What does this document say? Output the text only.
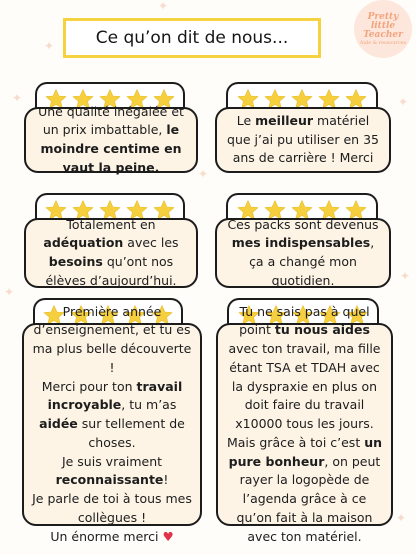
✦
✦
✦	✦
✦
✦
✦
✦
Ce qu’on dit de nous...
Pretty
little
Teacher
Aide & ressources

Une qualité inégalée et un prix imbattable, le moindre centime en vaut la peine.

Le meilleur matériel que j’ai pu utiliser en 35 ans de carrière ! Merci

Totalement en adéquation avec les besoins qu’ont nos élèves d’aujourd’hui.

Ces packs sont devenus mes indispensables, ça a changé mon quotidien.

Première année d’enseignement, et tu es ma plus belle découverte !
Merci pour ton travail incroyable, tu m’as aidée sur tellement de choses.
Je suis vraiment reconnaissante!
Je parle de toi à tous mes collègues !
Un énorme merci ♥

Tu ne sais pas à quel point tu nous aides avec ton travail, ma fille étant TSA et TDAH avec la dyspraxie en plus on doit faire du travail x10000 tous les jours.
Mais grâce à toi c’est un pure bonheur, on peut rayer la logopède de l’agenda grâce à ce qu’on fait à la maison avec ton matériel.
